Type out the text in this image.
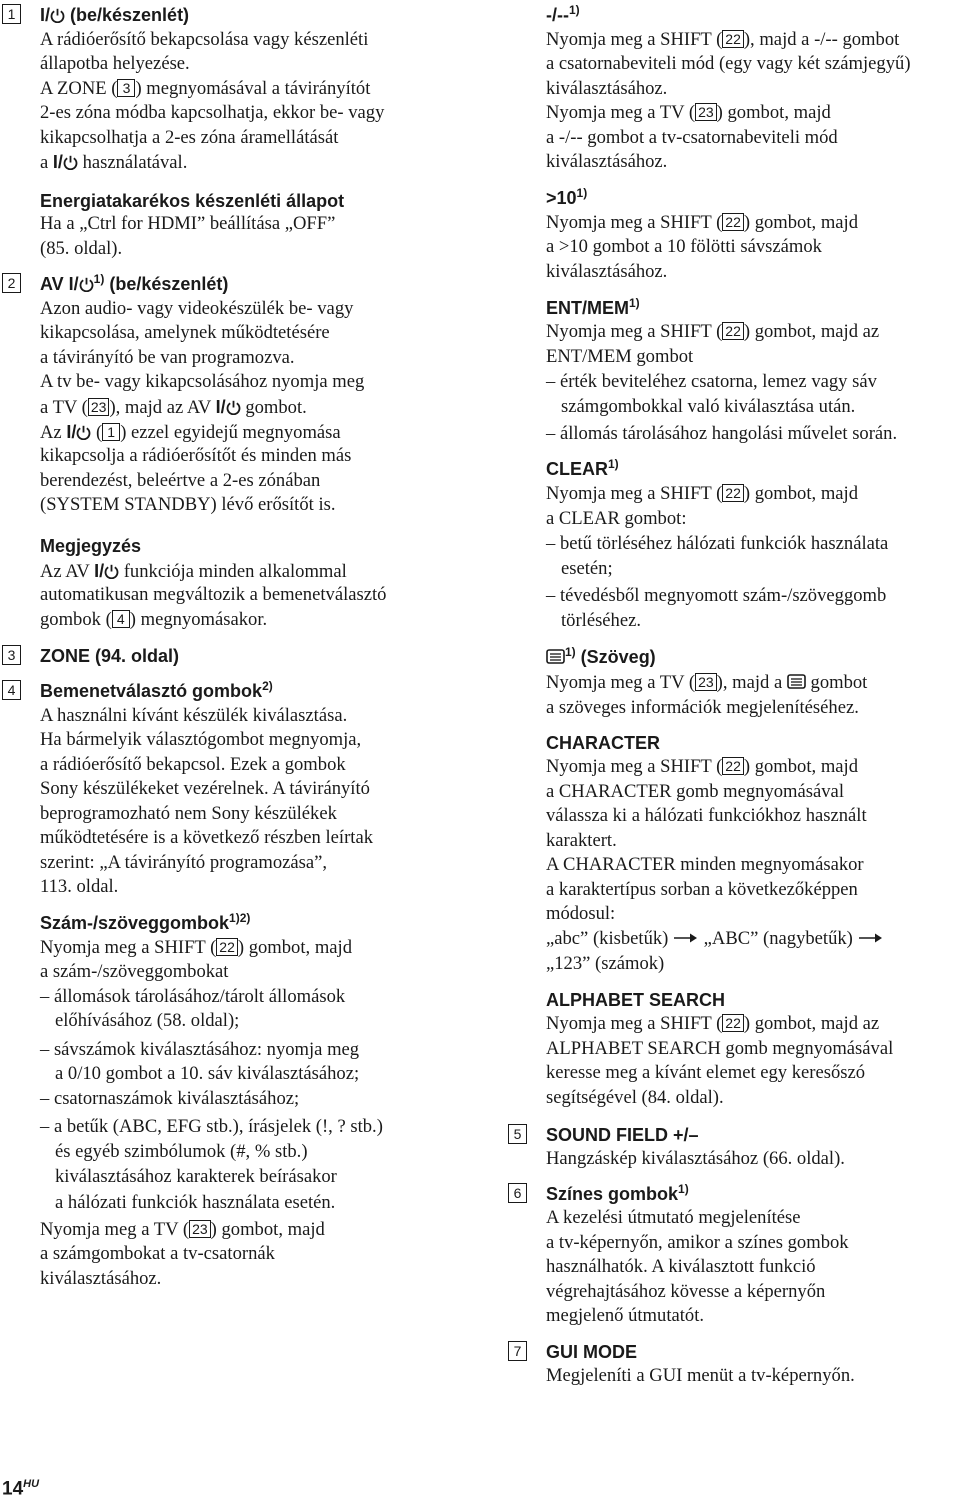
1	I/ (be/készenlét)
A rádióerősítő bekapcsolása vagy készenléti
állapotba helyezése.
A ZONE ( 3 ) megnyomásával a távirányítót
2-es zóna módba kapcsolhatja, ekkor be- vagy
kikapcsolhatja a 2-es zóna áramellátását
a I/ használatával.
Energiatakarékos készenléti állapot
Ha a „Ctrl for HDMI” beállítása „OFF”
(85. oldal).
2	AV I/ $^{1)}$ (be/készenlét)
Azon audio- vagy videokészülék be- vagy
kikapcsolása, amelynek működtetésére
a távirányító be van programozva.
A tv be- vagy kikapcsolásához nyomja meg
a TV ( 23 ), majd az AV I/ gombot.
Az I/ ( 1 ) ezzel egyidejű megnyomása
kikapcsolja a rádióerősítőt és minden más
berendezést, beleértve a 2-es zónában
(SYSTEM STANDBY) lévő erősítőt is.
Megjegyzés
Az AV I/ funkciója minden alkalommal
automatikusan megváltozik a bemenetválasztó
gombok ( 4 ) megnyomásakor.
3	ZONE (94. oldal)
4	Bemenetválasztó gombok$^{2)}$
A használni kívánt készülék kiválasztása.
Ha bármelyik választógombot megnyomja,
a rádióerősítő bekapcsol. Ezek a gombok
Sony készülékeket vezérelnek. A távirányító
beprogramozható nem Sony készülékek
működtetésére is a következő részben leírtak
szerint: „A távirányító programozása”,
113. oldal.
Szám-/szöveggombok$^{1)2)}$
Nyomja meg a SHIFT ( 22 ) gombot, majd
a szám-/szöveggombokat
– állomások tárolásához/tárolt állomások
előhívásához (58. oldal);
– sávszámok kiválasztásához: nyomja meg
a 0/10 gombot a 10. sáv kiválasztásához;
– csatornaszámok kiválasztásához;
– a betűk (ABC, EFG stb.), írásjelek (!, ? stb.)
és egyéb szimbólumok (#, % stb.)
kiválasztásához karakterek beírásakor
a hálózati funkciók használata esetén.
Nyomja meg a TV ( 23 ) gombot, majd
a számgombokat a tv-csatornák
kiválasztásához.
-/--$^{1)}$
Nyomja meg a SHIFT ( 22 ), majd a -/-- gombot
a csatornabeviteli mód (egy vagy két számjegyű)
kiválasztásához.
Nyomja meg a TV ( 23 ) gombot, majd
a -/-- gombot a tv-csatornabeviteli mód
kiválasztásához.
$>10^{1)}$
Nyomja meg a SHIFT ( 22 ) gombot, majd
a >10 gombot a 10 fölötti sávszámok
kiválasztásához.
ENT/MEM$^{1)}$
Nyomja meg a SHIFT ( 22 ) gombot, majd az
ENT/MEM gombot
– érték beviteléhez csatorna, lemez vagy sáv
számgombokkal való kiválasztása után.
– állomás tárolásához hangolási művelet során.
CLEAR$^{1)}$
Nyomja meg a SHIFT ( 22 ) gombot, majd
a CLEAR gombot:
– betű törléséhez hálózati funkciók használata
esetén;
– tévedésből megnyomott szám-/szöveggomb
törléséhez.
$^{1)}$ (Szöveg)
Nyomja meg a TV ( 23 ), majd a  gombot
a szöveges információk megjelenítéséhez.
CHARACTER
Nyomja meg a SHIFT ( 22 ) gombot, majd
a CHARACTER gomb megnyomásával
válassza ki a hálózati funkciókhoz használt
karaktert.
A CHARACTER minden megnyomásakor
a karaktertípus sorban a következőképpen
módosul:
„abc” (kisbetűk)  „ABC” (nagybetűk)
„123” (számok)
ALPHABET SEARCH
Nyomja meg a SHIFT ( 22 ) gombot, majd az
ALPHABET SEARCH gomb megnyomásával
keresse meg a kívánt elemet egy keresőszó
segítségével (84. oldal).
5	SOUND FIELD +/–
Hangzáskép kiválasztásához (66. oldal).
6	Színes gombok$^{1)}$
A kezelési útmutató megjelenítése
a tv-képernyőn, amikor a színes gombok
használhatók. A kiválasztott funkció
végrehajtásához kövesse a képernyőn
megjelenő útmutatót.
7	GUI MODE
Megjeleníti a GUI menüt a tv-képernyőn.
$14^{HU}$
